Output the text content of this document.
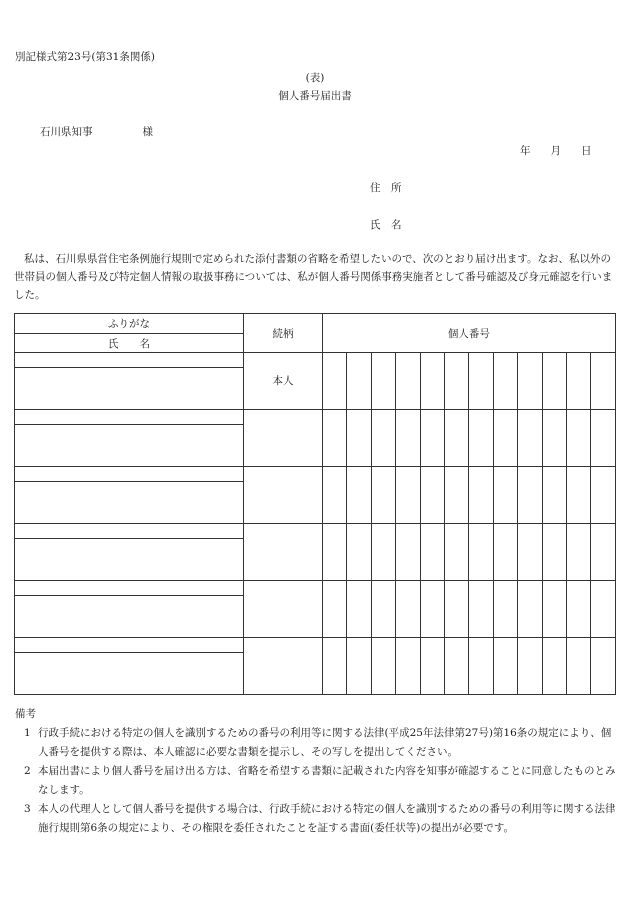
別記様式第23号(第31条関係)
(表)
個人番号届出書
石川県知事	様
年 月 日
住　所
氏　名
私は、石川県県営住宅条例施行規則で定められた添付書類の省略を希望したいので、次のとおり届け出ます。なお、私以外の世帯員の個人番号及び特定個人情報の取扱事務については、私が個人番号関係事務実施者として番号確認及び身元確認を行いました。
ふりがな	続柄	個人番号											
氏　　名													
	本人												

備考
1 行政手続における特定の個人を識別するための番号の利用等に関する法律(平成25年法律第27号)第16条の規定により、個人番号を提供する際は、本人確認に必要な書類を提示し、その写しを提出してください。
2 本届出書により個人番号を届け出る方は、省略を希望する書類に記載された内容を知事が確認することに同意したものとみなします。
3 本人の代理人として個人番号を提供する場合は、行政手続における特定の個人を識別するための番号の利用等に関する法律施行規則第6条の規定により、その権限を委任されたことを証する書面(委任状等)の提出が必要です。
